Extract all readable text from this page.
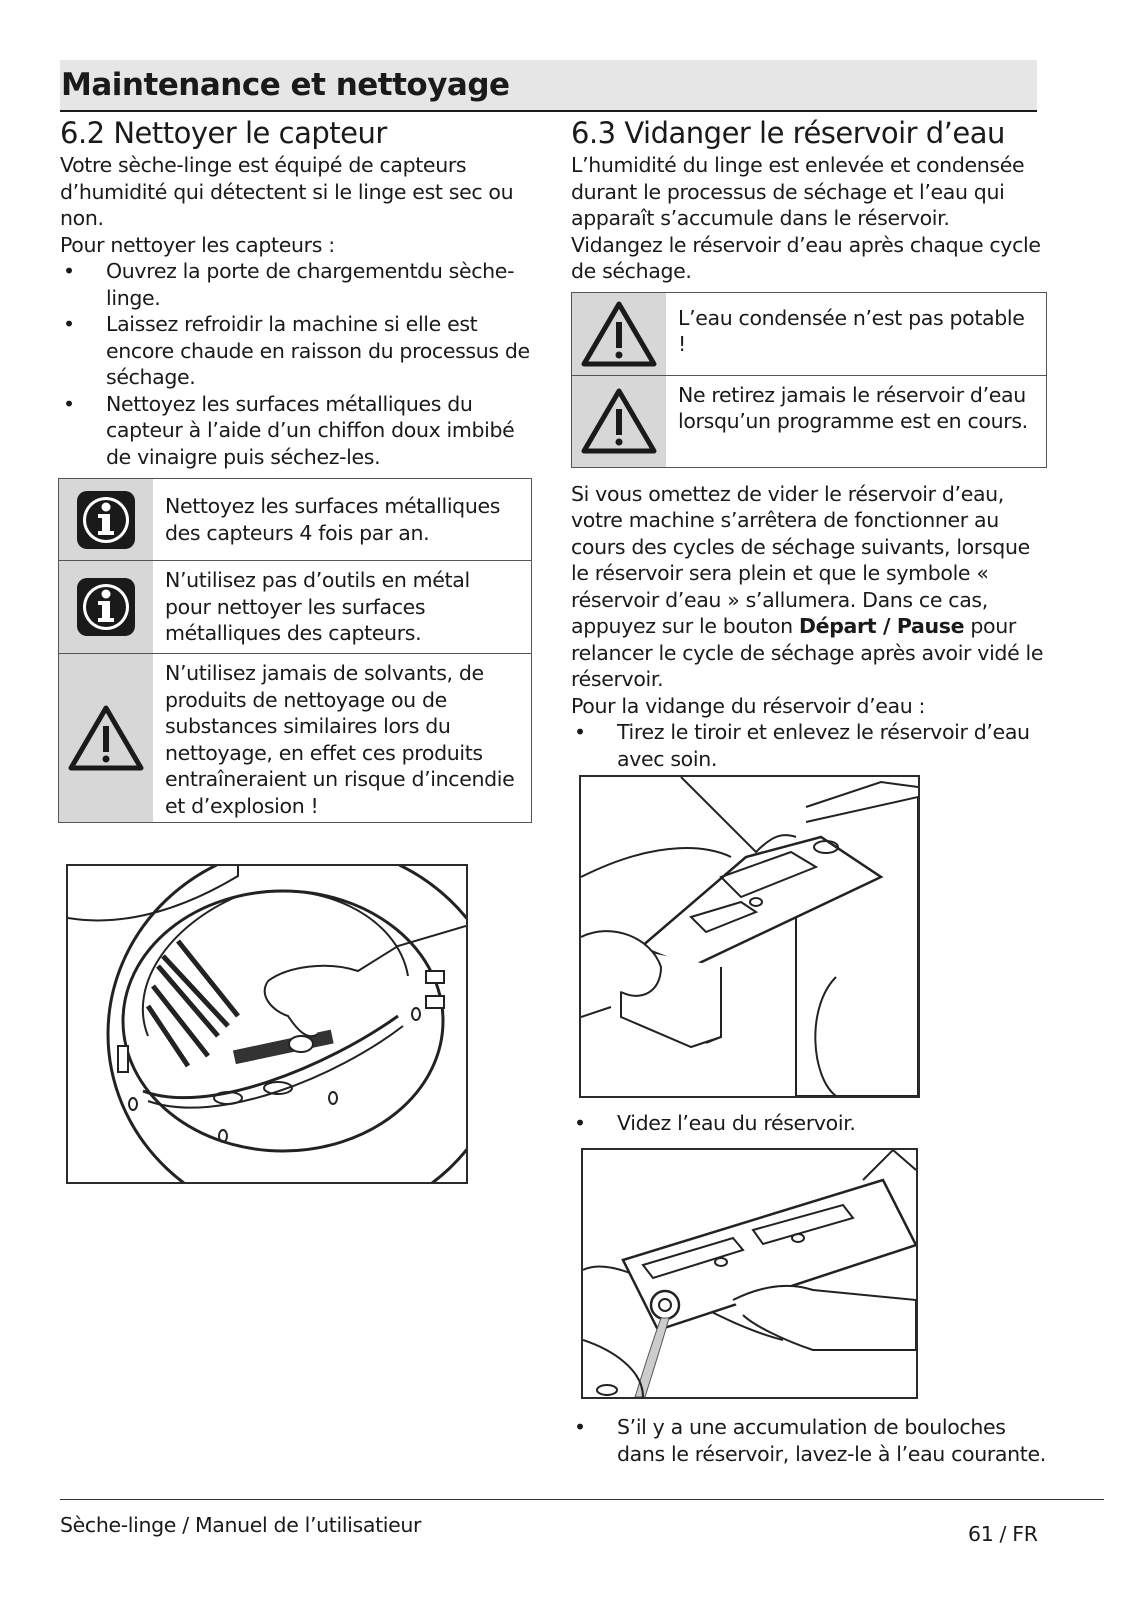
Maintenance et nettoyage
6.2 Nettoyer le capteur

Votre sèche-linge est équipé de capteurs d’humidité qui détectent si le linge est sec ou non.

Pour nettoyer les capteurs :

• Ouvrez la porte de chargementdu sèche-linge.
• Laissez refroidir la machine si elle est encore chaude en raisson du processus de séchage.
• Nettoyez les surfaces métalliques du capteur à l’aide d’un chiffon doux imbibé de vinaigre puis séchez-les.
Nettoyez les surfaces métalliques des capteurs 4 fois par an.
N’utilisez pas d’outils en métal pour nettoyer les surfaces métalliques des capteurs.
N’utilisez jamais de solvants, de produits de nettoyage ou de substances similaires lors du nettoyage, en effet ces produits entraîneraient un risque d’incendie et d’explosion !
6.3 Vidanger le réservoir d’eau

L’humidité du linge est enlevée et condensée durant le processus de séchage et l’eau qui apparaît s’accumule dans le réservoir. Vidangez le réservoir d’eau après chaque cycle de séchage.

L’eau condensée n’est pas potable !
Ne retirez jamais le réservoir d’eau lorsqu’un programme est en cours.

Si vous omettez de vider le réservoir d’eau, votre machine s’arrêtera de fonctionner au cours des cycles de séchage suivants, lorsque le réservoir sera plein et que le symbole « réservoir d’eau » s’allumera. Dans ce cas, appuyez sur le bouton Départ / Pause pour relancer le cycle de séchage après avoir vidé le réservoir.

Pour la vidange du réservoir d’eau :

• Tirez le tiroir et enlevez le réservoir d’eau avec soin.
• Videz l’eau du réservoir.
• S’il y a une accumulation de bouloches dans le réservoir, lavez-le à l’eau courante.
Sèche-linge / Manuel de l’utilisatieur	61 / FR
